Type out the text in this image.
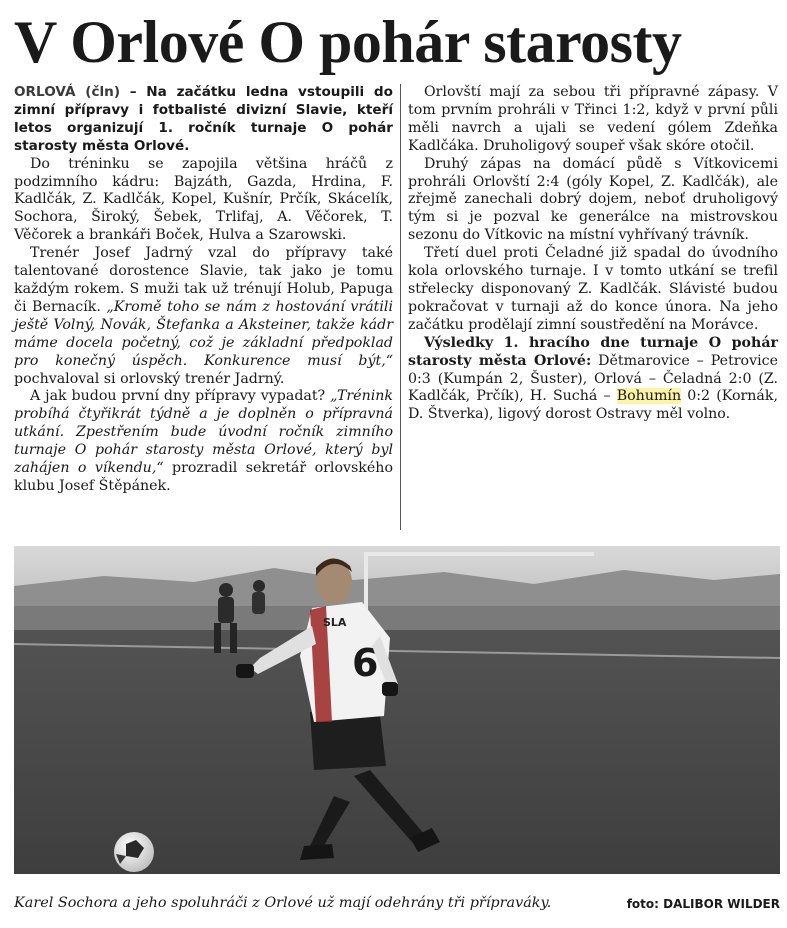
V Orlové O pohár starosty

ORLOVÁ (čln) – Na začátku ledna vstoupili do zimní přípravy i fotbalisté divizní Slavie, kteří letos organizují 1. ročník turnaje O pohár starosty města Orlové.

Do tréninku se zapojila většina hráčů z podzimního kádru: Bajzáth, Gazda, Hrdina, F. Kadlčák, Z. Kadlčák, Kopel, Kušnír, Prčík, Skácelík, Sochora, Široký, Šebek, Trlifaj, A. Věčorek, T. Věčorek a brankáři Boček, Hulva a Szarowski.

Trenér Josef Jadrný vzal do přípravy také talentované dorostence Slavie, tak jako je tomu každým rokem. S muži tak už trénují Holub, Papuga či Bernacík. „Kromě toho se nám z hostování vrátili ještě Volný, Novák, Štefanka a Aksteiner, takže kádr máme docela početný, což je základní předpoklad pro konečný úspěch. Konkurence musí být,“ pochvaloval si orlovský trenér Jadrný.

A jak budou první dny přípravy vypadat? „Trénink probíhá čtyřikrát týdně a je doplněn o přípravná utkání. Zpestřením bude úvodní ročník zimního turnaje O pohár starosty města Orlové, který byl zahájen o víkendu,“ prozradil sekretář orlovského klubu Josef Štěpánek.

Orlovští mají za sebou tři přípravné zápasy. V tom prvním prohráli v Třinci 1:2, když v první půli měli navrch a ujali se vedení gólem Zdeňka Kadlčáka. Druholigový soupeř však skóre otočil.

Druhý zápas na domácí půdě s Vítkovicemi prohráli Orlovští 2:4 (góly Kopel, Z. Kadlčák), ale zřejmě zanechali dobrý dojem, neboť druholigový tým si je pozval ke generálce na mistrovskou sezonu do Vítkovic na místní vyhřívaný trávník.

Třetí duel proti Čeladné již spadal do úvodního kola orlovského turnaje. I v tomto utkání se trefil střelecky disponovaný Z. Kadlčák. Slávisté budou pokračovat v turnaji až do konce února. Na jeho začátku prodělají zimní soustředění na Morávce.

Výsledky 1. hracího dne turnaje O pohár starosty města Orlové: Dětmarovice – Petrovice 0:3 (Kumpán 2, Šuster), Orlová – Čeladná 2:0 (Z. Kadlčák, Prčík), H. Suchá – Bohumín 0:2 (Kornák, D. Štverka), ligový dorost Ostravy měl volno.

6
SLA
Karel Sochora a jeho spoluhráči z Orlové už mají odehrány tři přípraváky.	foto: DALIBOR WILDER
